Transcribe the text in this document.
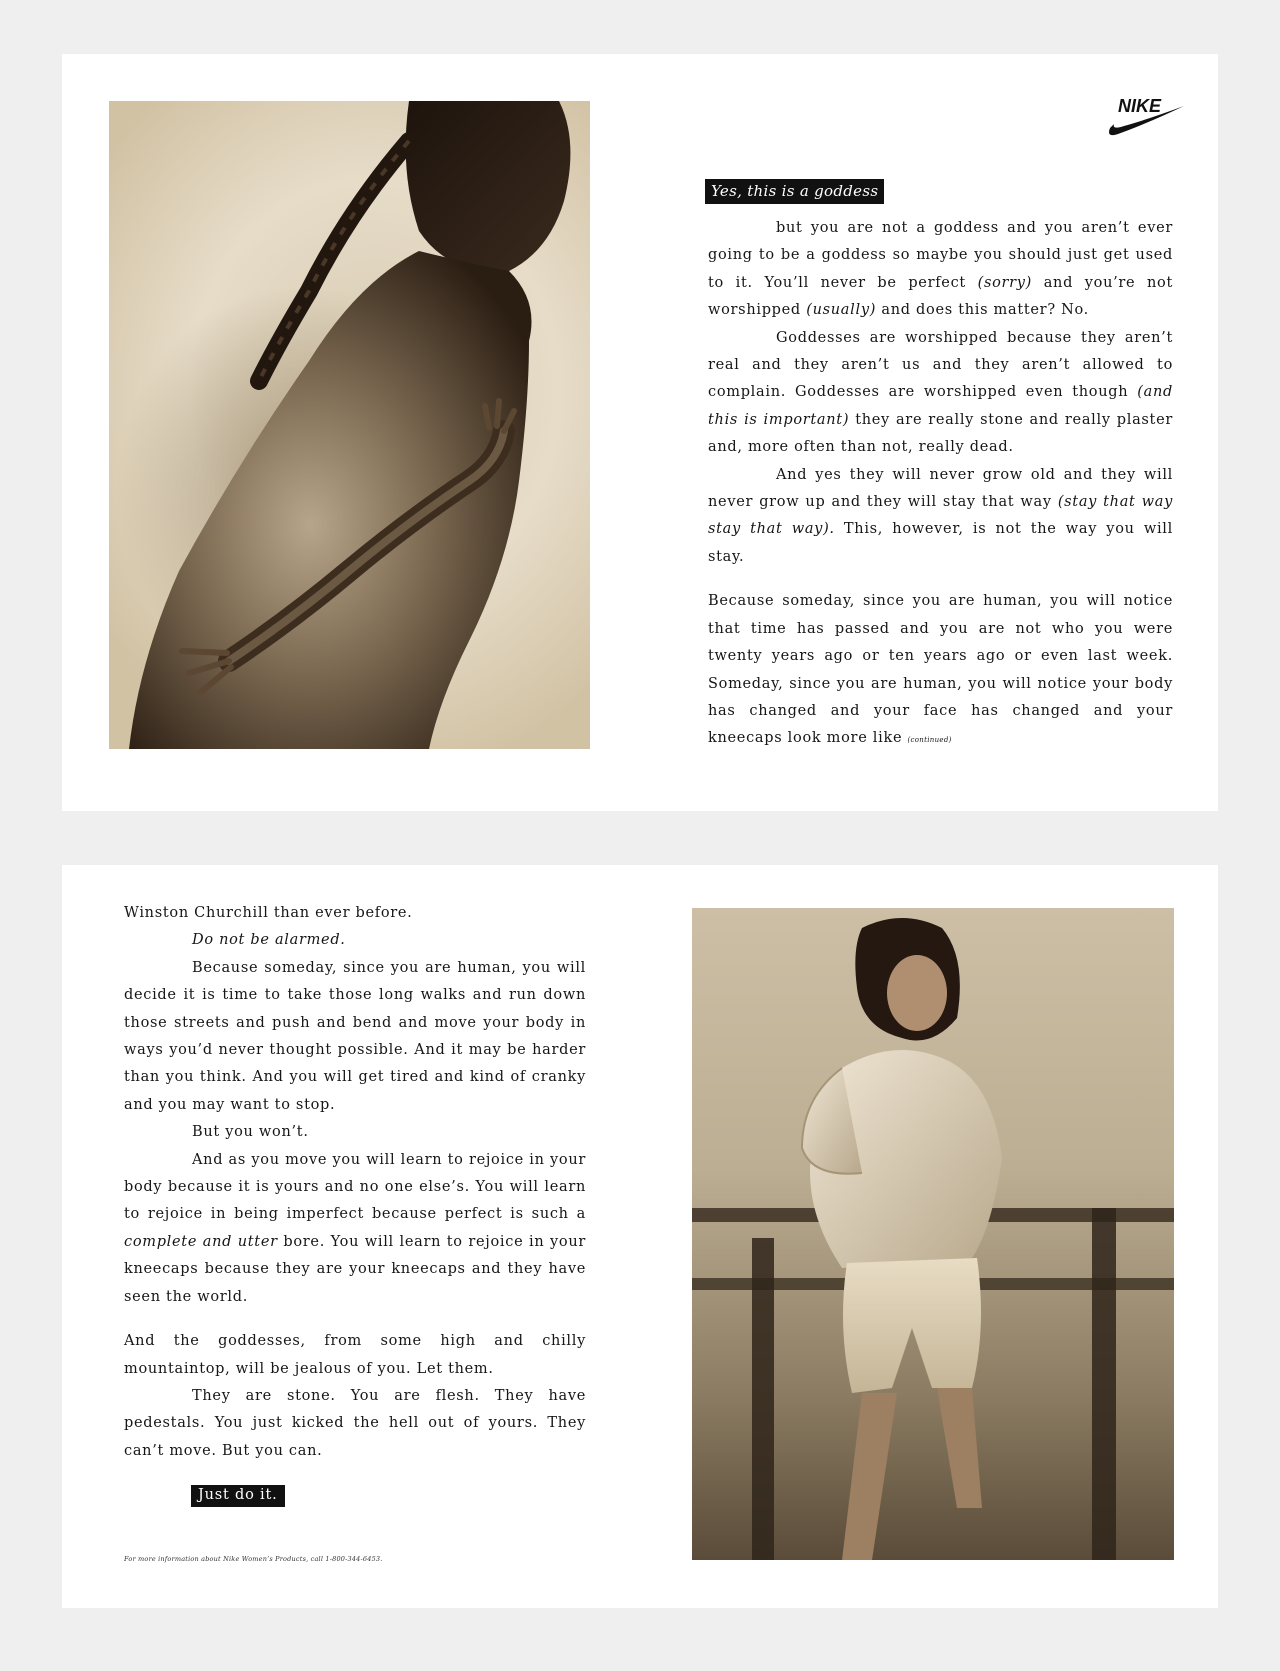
NIKE
Yes, this is a goddess

but you are not a goddess and you aren’t ever going to be a goddess so maybe you should just get used to it. You’ll never be perfect (sorry) and you’re not worshipped (usually) and does this matter? No.

Goddesses are worshipped because they aren’t real and they aren’t us and they aren’t allowed to complain. Goddesses are worshipped even though (and this is important) they are really stone and really plaster and, more often than not, really dead.

And yes they will never grow old and they will never grow up and they will stay that way (stay that way stay that way). This, however, is not the way you will stay.

Because someday, since you are human, you will notice that time has passed and you are not who you were twenty years ago or ten years ago or even last week. Someday, since you are human, you will notice your body has changed and your face has changed and your kneecaps look more like (continued)

Winston Churchill than ever before.

Do not be alarmed.

Because someday, since you are human, you will decide it is time to take those long walks and run down those streets and push and bend and move your body in ways you’d never thought possible. And it may be harder than you think. And you will get tired and kind of cranky and you may want to stop.

But you won’t.

And as you move you will learn to rejoice in your body because it is yours and no one else’s. You will learn to rejoice in being imperfect because perfect is such a complete and utter bore. You will learn to rejoice in your kneecaps because they are your kneecaps and they have seen the world.

And the goddesses, from some high and chilly mountaintop, will be jealous of you. Let them.

They are stone. You are flesh. They have pedestals. You just kicked the hell out of yours. They can’t move. But you can.

Just do it.
For more information about Nike Women’s Products, call 1-800-344-6453.
